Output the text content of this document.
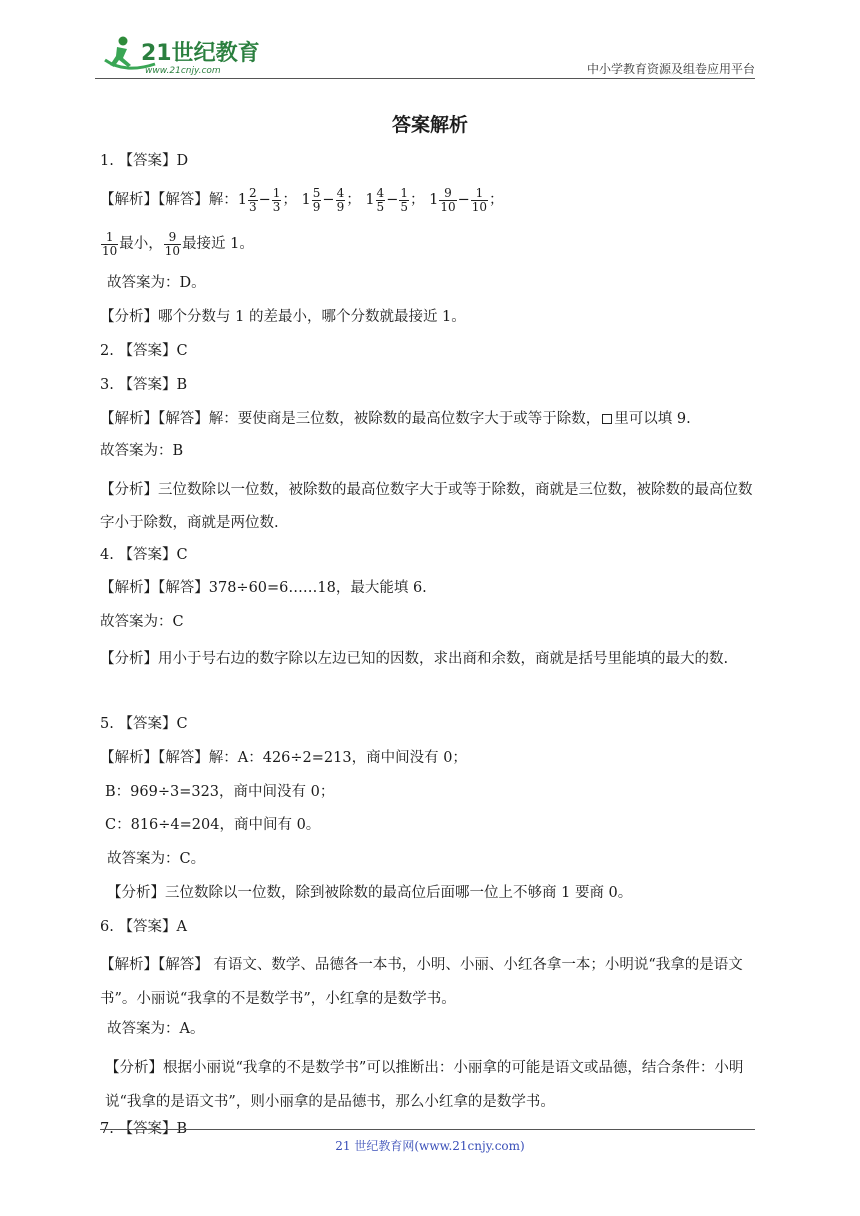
21世纪教育
www.21cnjy.com	中小学教育资源及组卷应用平台
答案解析
1. 【答案】D
【解析】【解答】解：$1 \frac{2}{3} - \frac{1}{3}$ ； $1 \frac{5}{9} - \frac{4}{9}$ ； $1 \frac{4}{5} - \frac{1}{5}$ ； $1 \frac{9}{10} - \frac{1}{10}$ ；
$\frac{1}{10}$ 最小， $\frac{9}{10}$ 最接近 1。
故答案为：D。
【分析】哪个分数与 1 的差最小，哪个分数就最接近 1。
2. 【答案】C
3. 【答案】B
【解析】【解答】解：要使商是三位数，被除数的最高位数字大于或等于除数， 里可以填 9.
故答案为：B
【分析】三位数除以一位数，被除数的最高位数字大于或等于除数，商就是三位数，被除数的最高位数字小于除数，商就是两位数.
4. 【答案】C
【解析】【解答】378÷60=6……18，最大能填 6.
故答案为：C
【分析】用小于号右边的数字除以左边已知的因数，求出商和余数，商就是括号里能填的最大的数.
5. 【答案】C
【解析】【解答】解：A：426÷2=213，商中间没有 0；
B：969÷3=323，商中间没有 0；
C：816÷4=204，商中间有 0。
故答案为：C。
【分析】三位数除以一位数，除到被除数的最高位后面哪一位上不够商 1 要商 0。
6. 【答案】A
【解析】【解答】 有语文、数学、品德各一本书，小明、小丽、小红各拿一本；小明说“我拿的是语文书”。小丽说“我拿的不是数学书”，小红拿的是数学书。
故答案为：A。
【分析】根据小丽说“我拿的不是数学书”可以推断出：小丽拿的可能是语文或品德，结合条件：小明说“我拿的是语文书”，则小丽拿的是品德书，那么小红拿的是数学书。
7. 【答案】B
21 世纪教育网(www.21cnjy.com)
